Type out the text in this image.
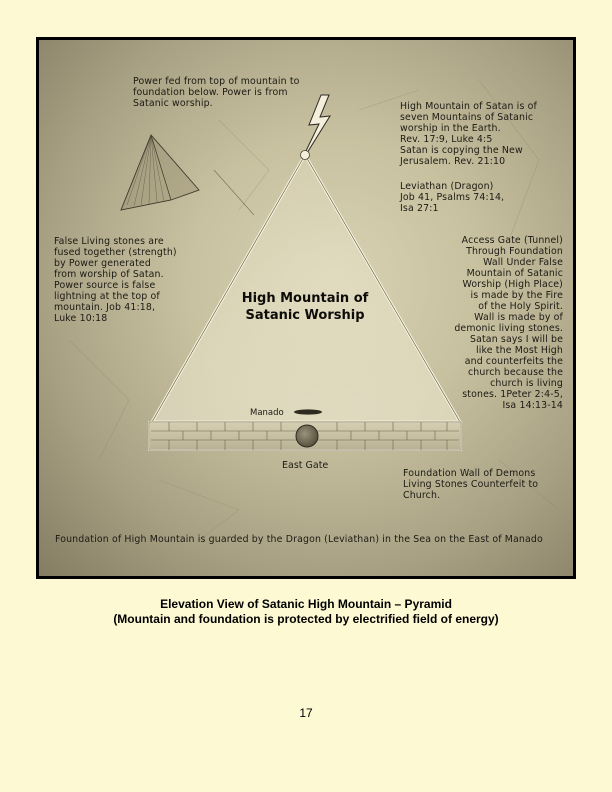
Power fed from top of mountain to
foundation below. Power is from
Satanic worship.	High Mountain of Satan is of
seven Mountains of Satanic
worship in the Earth.
Rev. 17:9, Luke 4:5
Satan is copying the New
Jerusalem. Rev. 21:10
Leviathan (Dragon)
Job 41, Psalms 74:14,
Isa 27:1
False Living stones are
fused together (strength)
by Power generated
from worship of Satan.
Power source is false
lightning at the top of
mountain. Job 41:18,
Luke 10:18
Access Gate (Tunnel)
Through Foundation
Wall Under False
Mountain of Satanic
Worship (High Place)
is made by the Fire
of the Holy Spirit.
Wall is made by of
demonic living stones.
Satan says I will be
like the Most High
and counterfeits the
church because the
church is living
stones. 1Peter 2:4-5,
Isa 14:13-14
Foundation Wall of Demons
Living Stones Counterfeit to
Church.
Foundation of High Mountain is guarded by the Dragon (Leviathan) in the Sea on the East of Manado
High Mountain of
Satanic Worship
Manado
East Gate
Elevation View of Satanic High Mountain – Pyramid
(Mountain and foundation is protected by electrified field of energy)
17
